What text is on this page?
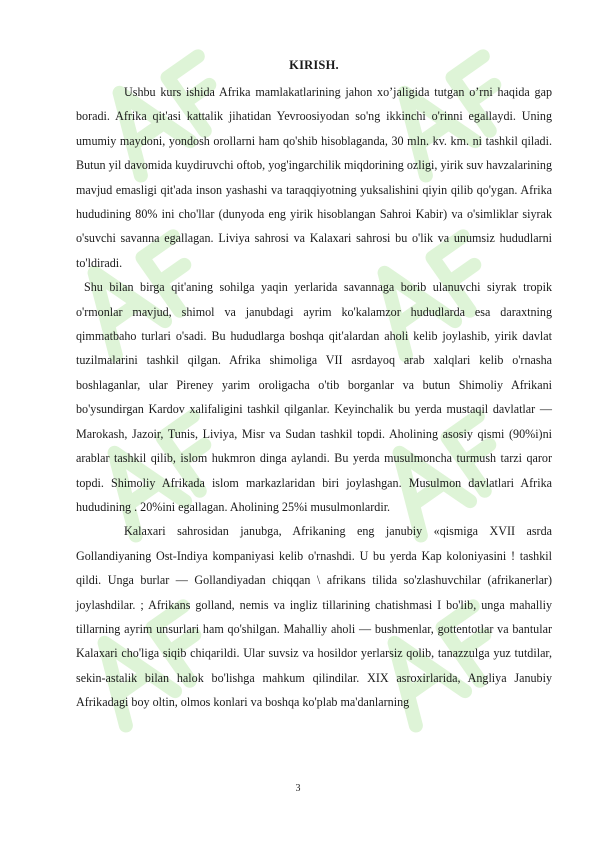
KIRISH.

Ushbu kurs ishida Afrika mamlakatlarining jahon xo’jaligida tutgan o’rni haqida gap boradi. Afrika qit'asi kattalik jihatidan Yevroosiyodan so'ng ikkinchi o'rinni egallaydi. Uning umumiy maydoni, yondosh orollarni ham qo'shib hisoblaganda, 30 mln. kv. km. ni tashkil qiladi. Butun yil davomida kuydiruvchi oftob, yog'ingarchilik miqdorining ozligi, yirik suv havzalarining mavjud emasligi qit'ada inson yashashi va taraqqiyotning yuksalishini qiyin qilib qo'ygan. Afrika hududining 80% ini cho'llar (dunyoda eng yirik hisoblangan Sahroi Kabir) va o'simliklar siyrak o'suvchi savanna egallagan. Liviya sahrosi va Kalaxari sahrosi bu o'lik va unumsiz hududlarni to'ldiradi.

Shu bilan birga qit'aning sohilga yaqin yerlarida savannaga borib ulanuvchi siyrak tropik o'rmonlar mavjud, shimol va janubdagi ayrim ko'kalamzor hududlarda esa daraxtning qimmatbaho turlari o'sadi. Bu hududlarga boshqa qit'alardan aholi kelib joylashib, yirik davlat tuzilmalarini tashkil qilgan. Afrika shimoliga VII asrdayoq arab xalqlari kelib o'rnasha boshlaganlar, ular Pireney yarim oroligacha o'tib borganlar va butun Shimoliy Afrikani bo'ysundirgan Kardov xalifaligini tashkil qilganlar. Keyinchalik bu yerda mustaqil davlatlar — Marokash, Jazoir, Tunis, Liviya, Misr va Sudan tashkil topdi. Aholining asosiy qismi (90%i)ni arablar tashkil qilib, islom hukmron dinga aylandi. Bu yerda musulmoncha turmush tarzi qaror topdi. Shimoliy Afrikada islom markazlaridan biri joylashgan. Musulmon davlatlari Afrika hududining . 20%ini egallagan. Aholining 25%i musulmonlardir.

Kalaxari sahrosidan janubga, Afrikaning eng janubiy «qismiga XVII asrda Gollandiyaning Ost-Indiya kompaniyasi kelib o'rnashdi. U bu yerda Kap koloniyasini ! tashkil qildi. Unga burlar — Gollandiyadan chiqqan \ afrikans tilida so'zlashuvchilar (afrikanerlar) joylashdilar. ; Afrikans golland, nemis va ingliz tillarining chatishmasi I bo'lib, unga mahalliy tillarning ayrim unsurlari ham qo'shilgan. Mahalliy aholi — bushmenlar, gottentotlar va bantular Kalaxari cho'liga siqib chiqarildi. Ular suvsiz va hosildor yerlarsiz qolib, tanazzulga yuz tutdilar, sekin-astalik bilan halok bo'lishga mahkum qilindilar. XIX asroxirlarida, Angliya Janubiy Afrikadagi boy oltin, olmos konlari va boshqa ko'plab ma'danlarning

3
